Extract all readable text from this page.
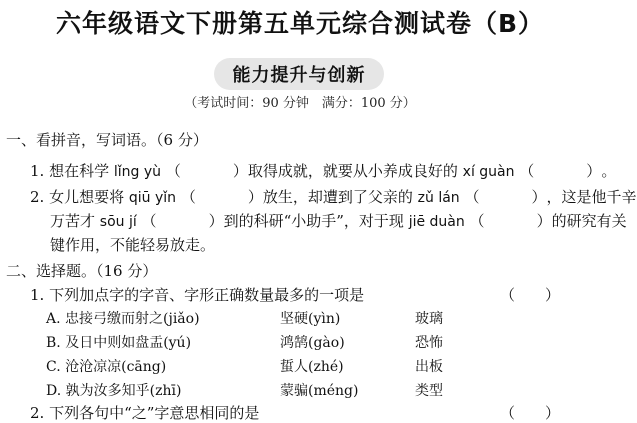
六年级语文下册第五单元综合测试卷（B）
能力提升与创新
（考试时间：90 分钟　满分：100 分）
一、看拼音，写词语。（6 分）
1. 想在科学 lǐng yù （	）取得成就，就要从小养成良好的 xí guàn （	）。
2. 女儿想要将 qiū yǐn （	）放生，却遭到了父亲的 zǔ lán （	），这是他千辛
万苦才 sōu jí （	）到的科研“小助手”，对于现 jiē duàn （	）的研究有关
键作用，不能轻易放走。
二、选择题。（16 分）
1. 下列加点字的字音、字形正确数量最多的一项是	（　　）
A. 忠接弓缴而射之(jiǎo)	坚硬(yìn)	玻璃
B. 及日中则如盘盂(yú)	鸿鹄(gào)	恐怖
C. 沧沧凉凉(cāng)	蜇人(zhé)	出板
D. 孰为汝多知乎(zhī)	蒙骗(méng)	类型
2. 下列各句中“之”字意思相同的是	（　　）
